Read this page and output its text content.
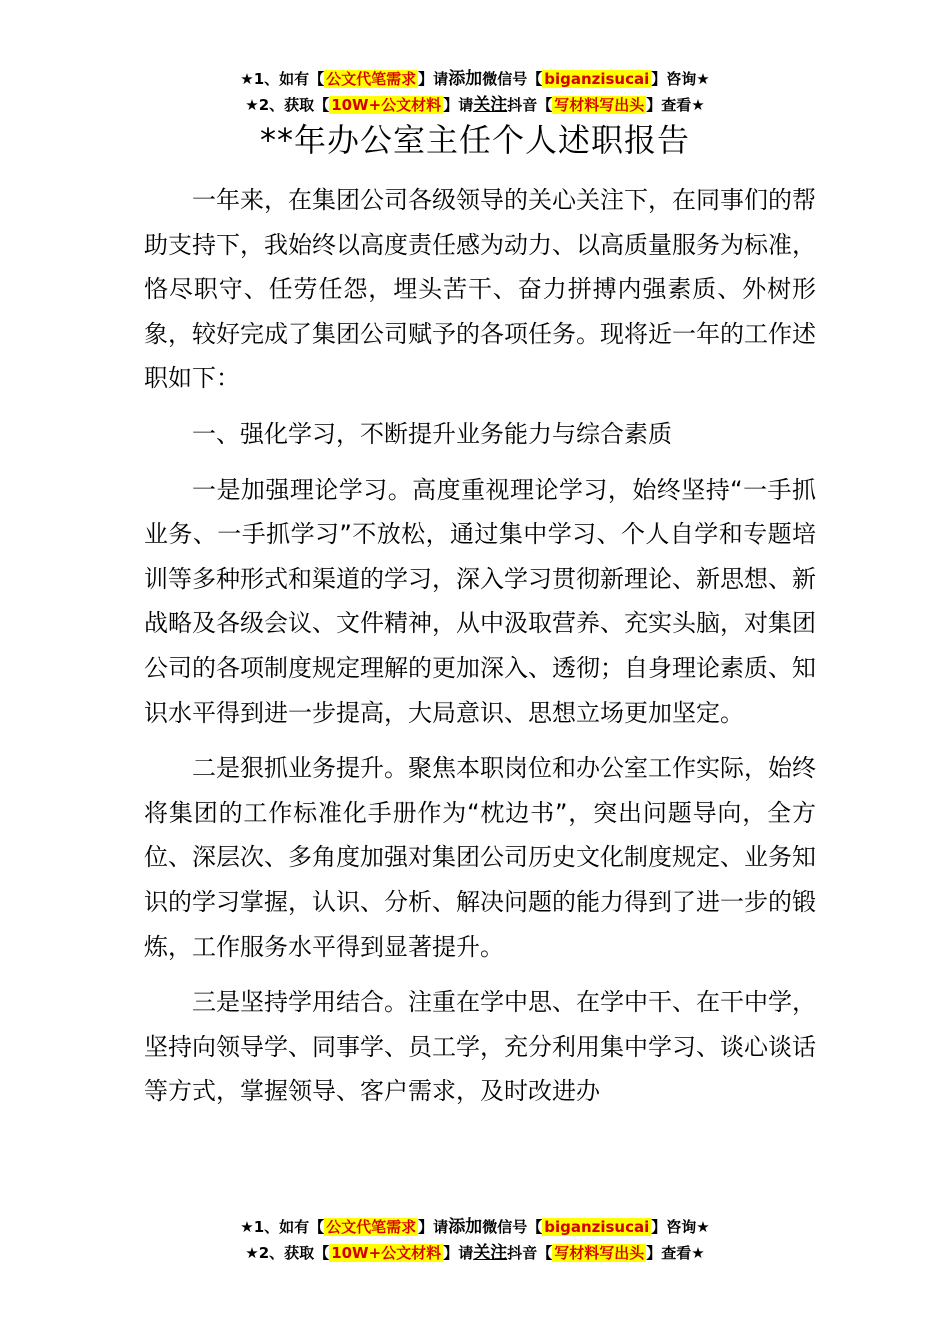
★1、如有【 公文代笔需求 】请添加微信号【 biganzisucai 】咨询★
★2、获取【 10W+公文材料 】请关注抖音【 写材料写出头 】查看★
**年办公室主任个人述职报告

一年来，在集团公司各级领导的关心关注下，在同事们的帮助支持下，我始终以高度责任感为动力、以高质量服务为标准，恪尽职守、任劳任怨，埋头苦干、奋力拼搏内强素质、外树形象，较好完成了集团公司赋予的各项任务。现将近一年的工作述职如下：

一、强化学习，不断提升业务能力与综合素质

一是加强理论学习。高度重视理论学习，始终坚持“一手抓业务、一手抓学习”不放松，通过集中学习、个人自学和专题培训等多种形式和渠道的学习，深入学习贯彻新理论、新思想、新战略及各级会议、文件精神，从中汲取营养、充实头脑，对集团公司的各项制度规定理解的更加深入、透彻；自身理论素质、知识水平得到进一步提高，大局意识、思想立场更加坚定。

二是狠抓业务提升。聚焦本职岗位和办公室工作实际，始终将集团的工作标准化手册作为“枕边书”，突出问题导向，全方位、深层次、多角度加强对集团公司历史文化制度规定、业务知识的学习掌握，认识、分析、解决问题的能力得到了进一步的锻炼，工作服务水平得到显著提升。

三是坚持学用结合。注重在学中思、在学中干、在干中学，坚持向领导学、同事学、员工学，充分利用集中学习、谈心谈话等方式，掌握领导、客户需求，及时改进办

★1、如有【 公文代笔需求 】请添加微信号【 biganzisucai 】咨询★
★2、获取【 10W+公文材料 】请关注抖音【 写材料写出头 】查看★
